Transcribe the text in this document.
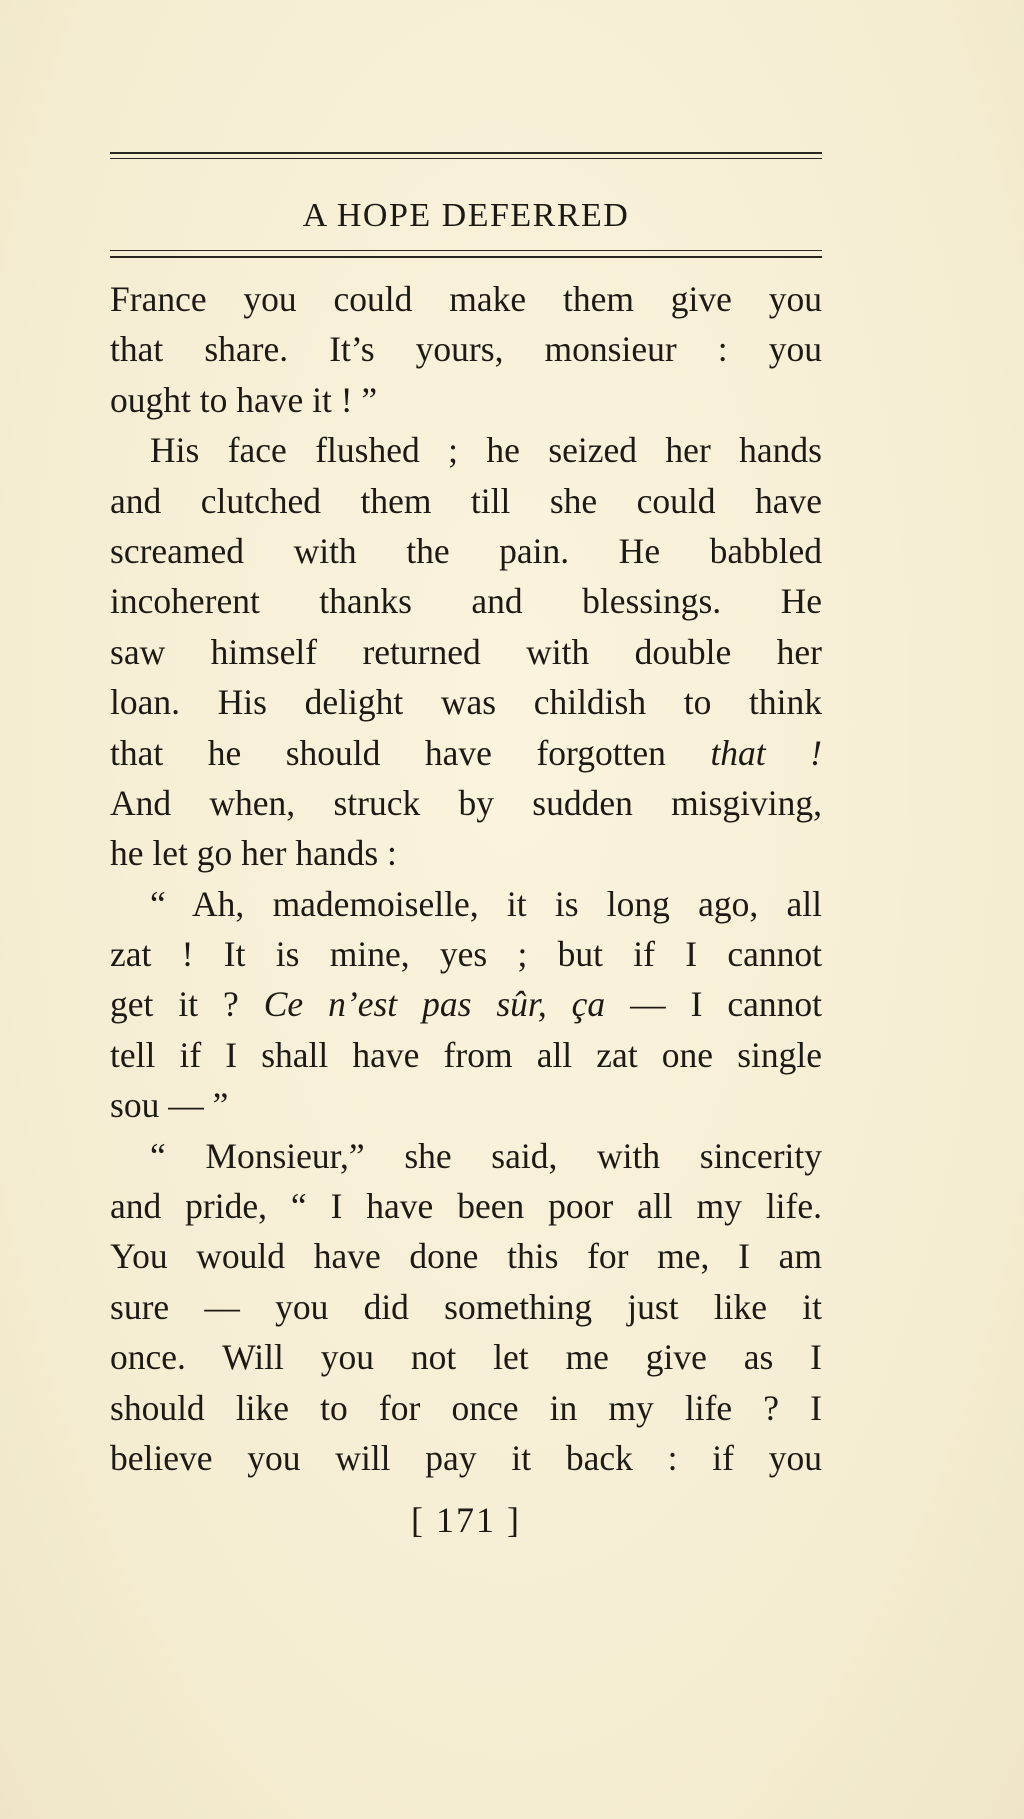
A HOPE DEFERRED
France you could make them give you
that share. It’s yours, monsieur : you
ought to have it ! ”
His face flushed ; he seized her hands
and clutched them till she could have
screamed with the pain. He babbled
incoherent thanks and blessings. He
saw himself returned with double her
loan. His delight was childish to think
that he should have forgotten that !
And when, struck by sudden misgiving,
he let go her hands :
“ Ah, mademoiselle, it is long ago, all
zat ! It is mine, yes ; but if I cannot
get it ? Ce n’est pas sûr, ça — I cannot
tell if I shall have from all zat one single
sou — ”
“ Monsieur,” she said, with sincerity
and pride, “ I have been poor all my life.
You would have done this for me, I am
sure — you did something just like it
once. Will you not let me give as I
should like to for once in my life ? I
believe you will pay it back : if you
[ 171 ]
